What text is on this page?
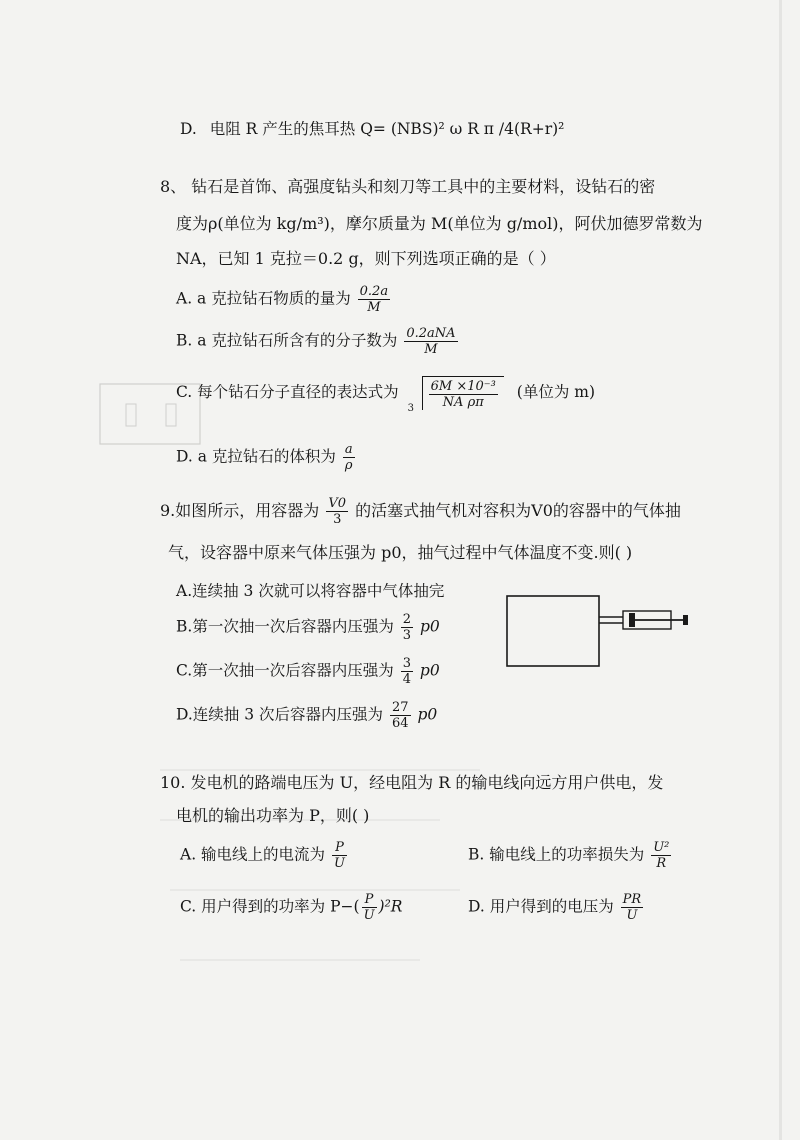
D. 电阻 R 产生的焦耳热 Q= (NBS)² ω R π /4(R+r)²
8、 钻石是首饰、高强度钻头和刻刀等工具中的主要材料，设钻石的密
度为ρ(单位为 kg/m³)，摩尔质量为 M(单位为 g/mol)，阿伏加德罗常数为
NA，已知 1 克拉＝0.2 g，则下列选项正确的是（ ）
A. a 克拉钻石物质的量为 $\frac{0.2a}{M}$
B. a 克拉钻石所含有的分子数为 $\frac{\text{0.2aNA}}{M}$
C. 每个钻石分子直径的表达式为
$3 \frac{\text{6M ×10⁻³}}{\text{NA ρπ}}$ (单位为 m)
D. a 克拉钻石的体积为 $\frac{a}{\rho}$
9.如图所示，用容器为 $\frac{V0}{3}$ 的活塞式抽气机对容积为V0的容器中的气体抽
气，设容器中原来气体压强为 p0，抽气过程中气体温度不变.则( )
A.连续抽 3 次就可以将容器中气体抽完
B.第一次抽一次后容器内压强为 $\frac{2}{3} p0$
C.第一次抽一次后容器内压强为 $\frac{3}{4} p0$
D.连续抽 3 次后容器内压强为 $\frac{27}{64} p0$
10. 发电机的路端电压为 U，经电阻为 R 的输电线向远方用户供电，发
电机的输出功率为 P，则( )
A. 输电线上的电流为 $\frac{P}{U}$	B. 输电线上的功率损失为 $\frac{\text{U²}}{R}$
C. 用户得到的功率为 $P-( \frac{P}{U} )^2R$	D. 用户得到的电压为 $\frac{PR}{U}$
